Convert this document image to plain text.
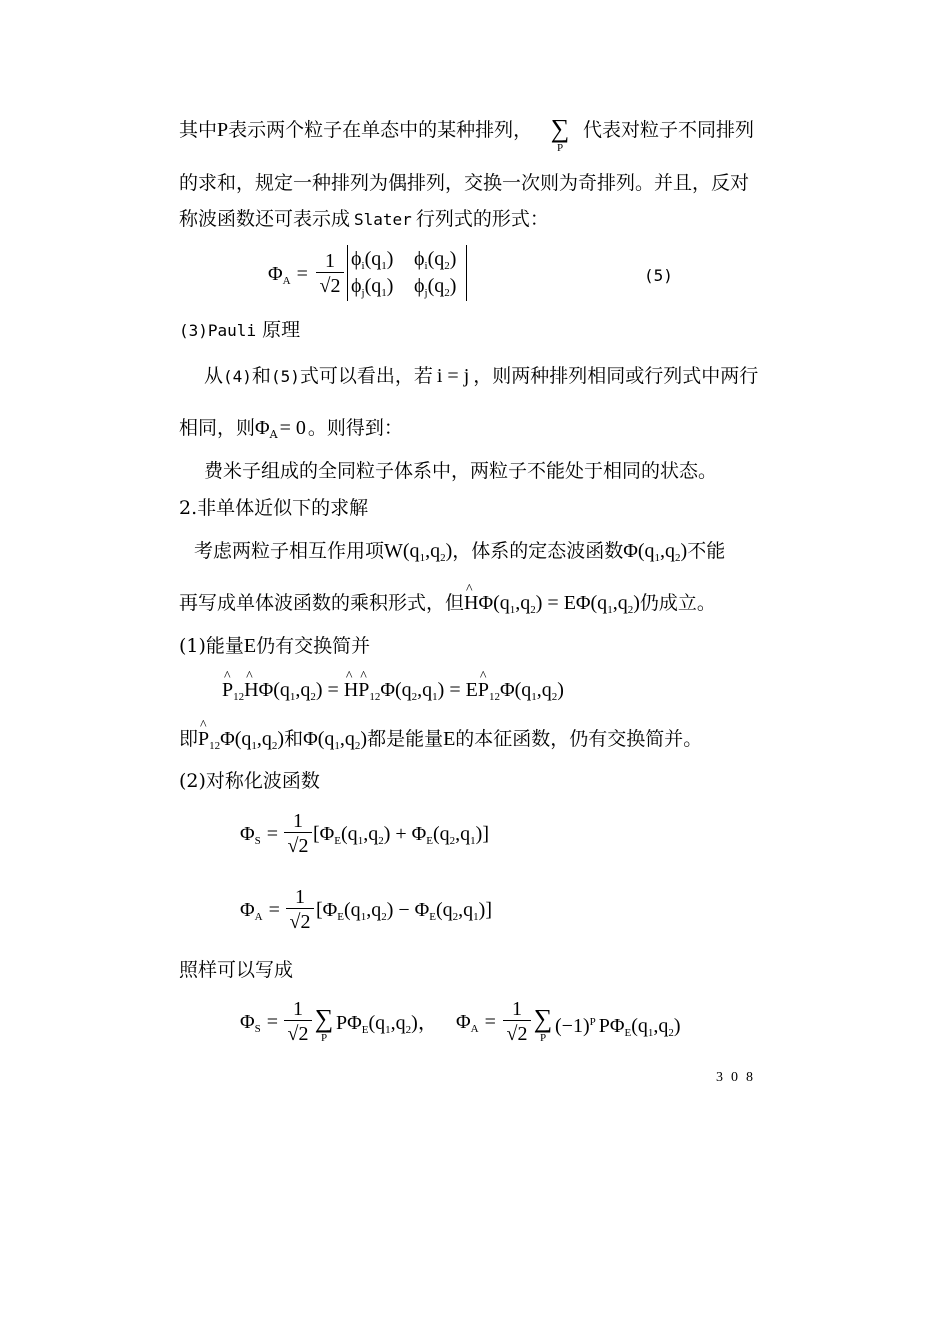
其中P表示两个粒子在单态中的某种排列， ∑
P
代表对粒子不同排列
的求和，规定一种排列为偶排列，交换一次则为奇排列。并且，反对
称波函数还可表示成 Slater 行列式的形式：
$\Phi_A$ =
1
√2
$\phi_i(q_1)$ $\phi_i(q_2)$
$\phi_j(q_1)$ $\phi_j(q_2)$	(5)
(3)Pauli 原理
从(4)和(5)式可以看出，若 i = j ，则两种排列相同或行列式中两行
相同，则$\Phi_A = 0$ 。则得到：
费米子组成的全同粒子体系中，两粒子不能处于相同的状态。
2.非单体近似下的求解
考虑两粒子相互作用项$W(q_1,q_2)$，体系的定态波函数$\Phi(q_1,q_2)$不能
再写成单体波函数的乘积形式，但^ $H\Phi(q_1,q_2) = E\Phi(q_1,q_2)$仍成立。
(1)能量E仍有交换简并
^ $P_{12}\^{}$ $H\Phi(q_1,q_2)$ = ^ H^ $P_{12}\Phi(q_2,q_1)$ = E^ $P_{12}\Phi(q_1,q_2)$
即^ $P_{12}\Phi(q_1,q_2)$和$\Phi(q_1,q_2)$都是能量E的本征函数，仍有交换简并。
(2)对称化波函数
$\Phi_S$ =
1
√2
$[\Phi_E(q_1,q_2) + \Phi_E(q_2,q_1)]$
$\Phi_A$ =
1
√2
$[\Phi_E(q_1,q_2) - \Phi_E(q_2,q_1)]$
照样可以写成
$\Phi_S$ =
1
√2
∑
P
$P\Phi_E(q_1,q_2)$， $\Phi_A$ =
1
√2
∑
P
$(-1)^P$ $P\Phi_E(q_1,q_2)$
308
